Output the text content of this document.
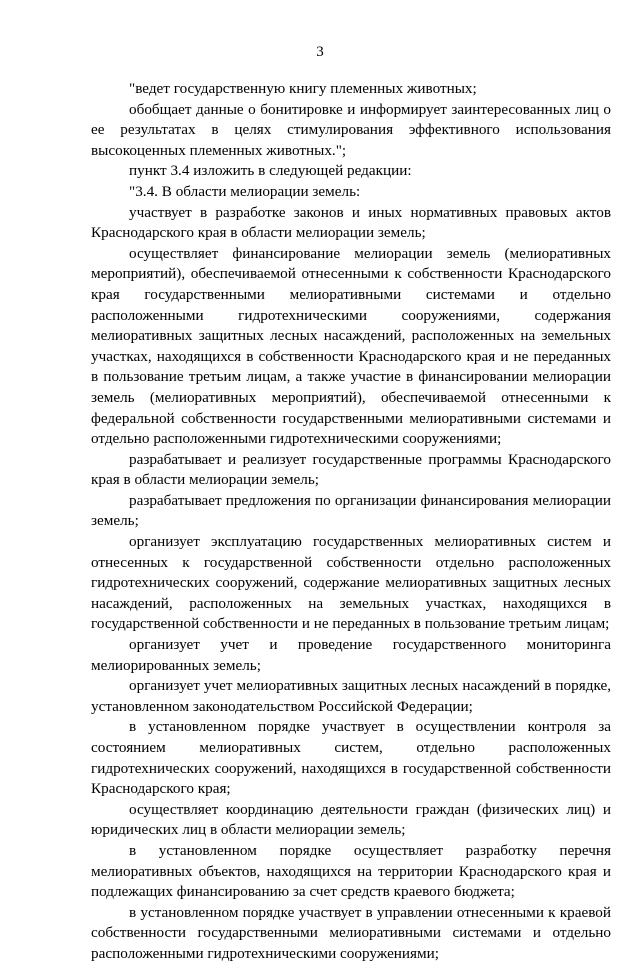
3

"ведет государственную книгу племенных животных;

обобщает данные о бонитировке и информирует заинтересованных лиц о ее результатах в целях стимулирования эффективного использования высокоценных племенных животных.";

пункт 3.4 изложить в следующей редакции:

"3.4. В области мелиорации земель:

участвует в разработке законов и иных нормативных правовых актов Краснодарского края в области мелиорации земель;

осуществляет финансирование мелиорации земель (мелиоративных мероприятий), обеспечиваемой отнесенными к собственности Краснодарского края государственными мелиоративными системами и отдельно расположенными гидротехническими сооружениями, содержания мелиоративных защитных лесных насаждений, расположенных на земельных участках, находящихся в собственности Краснодарского края и не переданных в пользование третьим лицам, а также участие в финансировании мелиорации земель (мелиоративных мероприятий), обеспечиваемой отнесенными к федеральной собственности государственными мелиоративными системами и отдельно расположенными гидротехническими сооружениями;

разрабатывает и реализует государственные программы Краснодарского края в области мелиорации земель;

разрабатывает предложения по организации финансирования мелиорации земель;

организует эксплуатацию государственных мелиоративных систем и отнесенных к государственной собственности отдельно расположенных гидротехнических сооружений, содержание мелиоративных защитных лесных насаждений, расположенных на земельных участках, находящихся в государственной собственности и не переданных в пользование третьим лицам;

организует учет и проведение государственного мониторинга мелиорированных земель;

организует учет мелиоративных защитных лесных насаждений в порядке, установленном законодательством Российской Федерации;

в установленном порядке участвует в осуществлении контроля за состоянием мелиоративных систем, отдельно расположенных гидротехнических сооружений, находящихся в государственной собственности Краснодарского края;

осуществляет координацию деятельности граждан (физических лиц) и юридических лиц в области мелиорации земель;

в установленном порядке осуществляет разработку перечня мелиоративных объектов, находящихся на территории Краснодарского края и подлежащих финансированию за счет средств краевого бюджета;

в установленном порядке участвует в управлении отнесенными к краевой собственности государственными мелиоративными системами и отдельно расположенными гидротехническими сооружениями;
